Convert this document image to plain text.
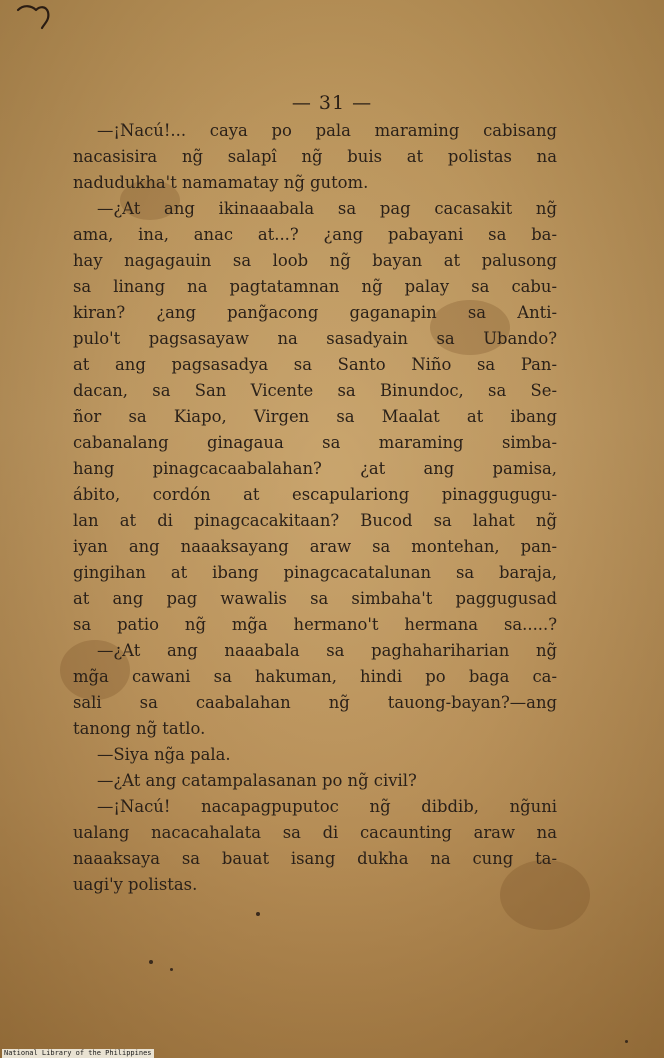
— 31 —
—¡Nacú!... caya po pala maraming cabisang
nacasisira ng̃ salapî ng̃ buis at polistas na
nadudukha't namamatay ng̃ gutom.
—¿At ang ikinaaabala sa pag cacasakit ng̃
ama, ina, anac at...? ¿ang pabayani sa ba-
hay nagagauin sa loob ng̃ bayan at palusong
sa linang na pagtatamnan ng̃ palay sa cabu-
kiran? ¿ang pang̃acong gaganapin sa Anti-
pulo't pagsasayaw na sasadyain sa Ubando?
at ang pagsasadya sa Santo Niño sa Pan-
dacan, sa San Vicente sa Binundoc, sa Se-
ñor sa Kiapo, Virgen sa Maalat at ibang
cabanalang ginagaua sa maraming simba-
hang pinagcacaabalahan? ¿at ang pamisa,
ábito, cordón at escapulariong pinaggugugu-
lan at di pinagcacakitaan? Bucod sa lahat ng̃
iyan ang naaaksayang araw sa montehan, pan-
gingihan at ibang pinagcacatalunan sa baraja,
at ang pag wawalis sa simbaha't paggugusad
sa patio ng̃ mg̃a hermano't hermana sa.....?
—¿At ang naaabala sa paghahariharian ng̃
mg̃a cawani sa hakuman, hindi po baga ca-
sali sa caabalahan ng̃ tauong-bayan?—ang
tanong ng̃ tatlo.
—Siya ng̃a pala.
—¿At ang catampalasanan po ng̃ civil?
—¡Nacú! nacapagpuputoc ng̃ dibdib, ng̃uni
ualang nacacahalata sa di cacaunting araw na
naaaksaya sa bauat isang dukha na cung ta-
uagi'y polistas.
National Library of the Philippines
